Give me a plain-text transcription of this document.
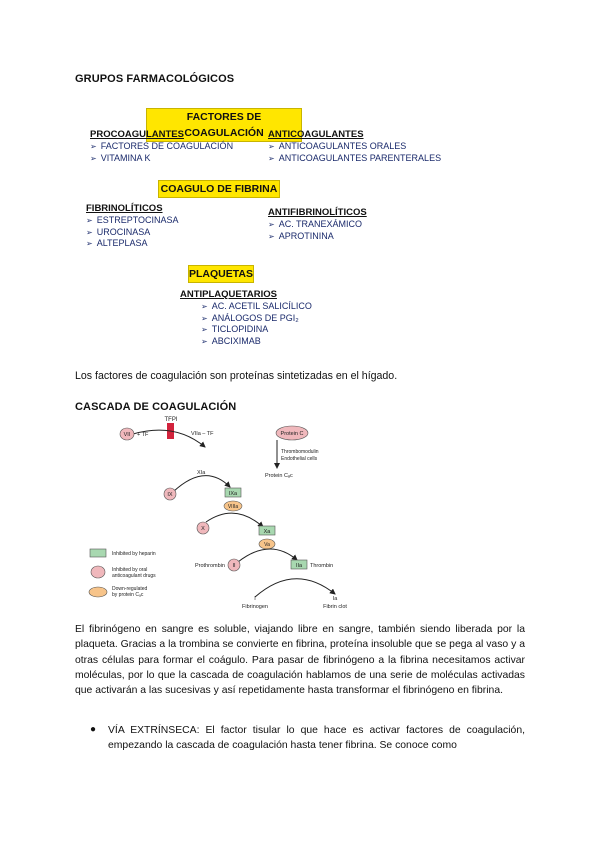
GRUPOS FARMACOLÓGICOS
FACTORES DE COAGULACIÓN
PROCOAGULANTES
➢ FACTORES DE COAGULACIÓN
➢ VITAMINA K
ANTICOAGULANTES
➢ ANTICOAGULANTES ORALES
➢ ANTICOAGULANTES PARENTERALES
COAGULO DE FIBRINA
FIBRINOLÍTICOS
➢ ESTREPTOCINASA
➢ UROCINASA
➢ ALTEPLASA
ANTIFIBRINOLÍTICOS
➢ AC. TRANEXÁMICO
➢ APROTININA
PLAQUETAS
ANTIPLAQUETARIOS
➢ AC. ACETIL SALICÍLICO
➢ ANÁLOGOS DE PGI₂
➢ TICLOPIDINA
➢ ABCIXIMAB
Los factores de coagulación son proteínas sintetizadas en el hígado.
CASCADA DE COAGULACIÓN
TFPI
VII + TF	VIIa – TF
XIa
IX	IXa
VIIIa
X	Xa
Va
Prothrombin II	IIa Thrombin
I
Fibrinogen
Ia
Fibrin clot
Protein C
Thrombomodulin
Endothelial cells
Protein Cₐc
Inhibited by heparin
Inhibited by oral
anticoagulant drugs
Down-regulated
by protein Cₐc
El fibrinógeno en sangre es soluble, viajando libre en sangre, también siendo liberada por la plaqueta. Gracias a la trombina se convierte en fibrina, proteína insoluble que se pega al vaso y a otras células para formar el coágulo. Para pasar de fibrinógeno a la fibrina necesitamos activar moléculas, por lo que la cascada de coagulación hablamos de una serie de moléculas activadas que activarán a las sucesivas y así repetidamente hasta transformar el fibrinógeno en fibrina.
● VÍA EXTRÍNSECA: El factor tisular lo que hace es activar factores de coagulación, empezando la cascada de coagulación hasta tener fibrina. Se conoce como
